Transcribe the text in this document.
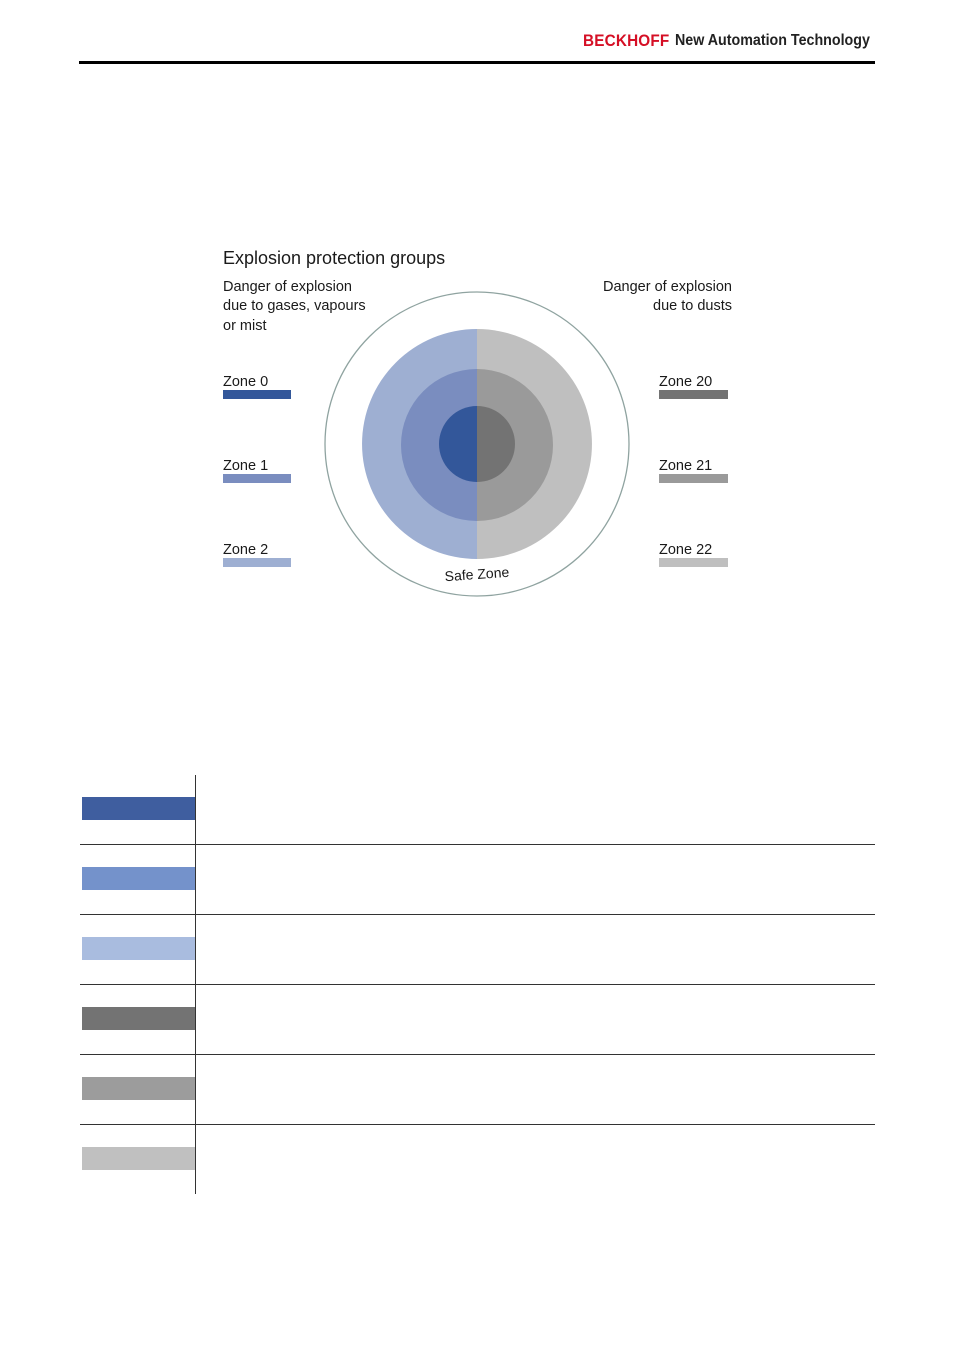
BECKHOFF New Automation Technology
Explosion protection groups
Danger of explosion
due to gases, vapours
or mist
Danger of explosion
due to dusts
Safe Zone
Zone 0
Zone 1
Zone 2
Zone 20
Zone 21
Zone 22
